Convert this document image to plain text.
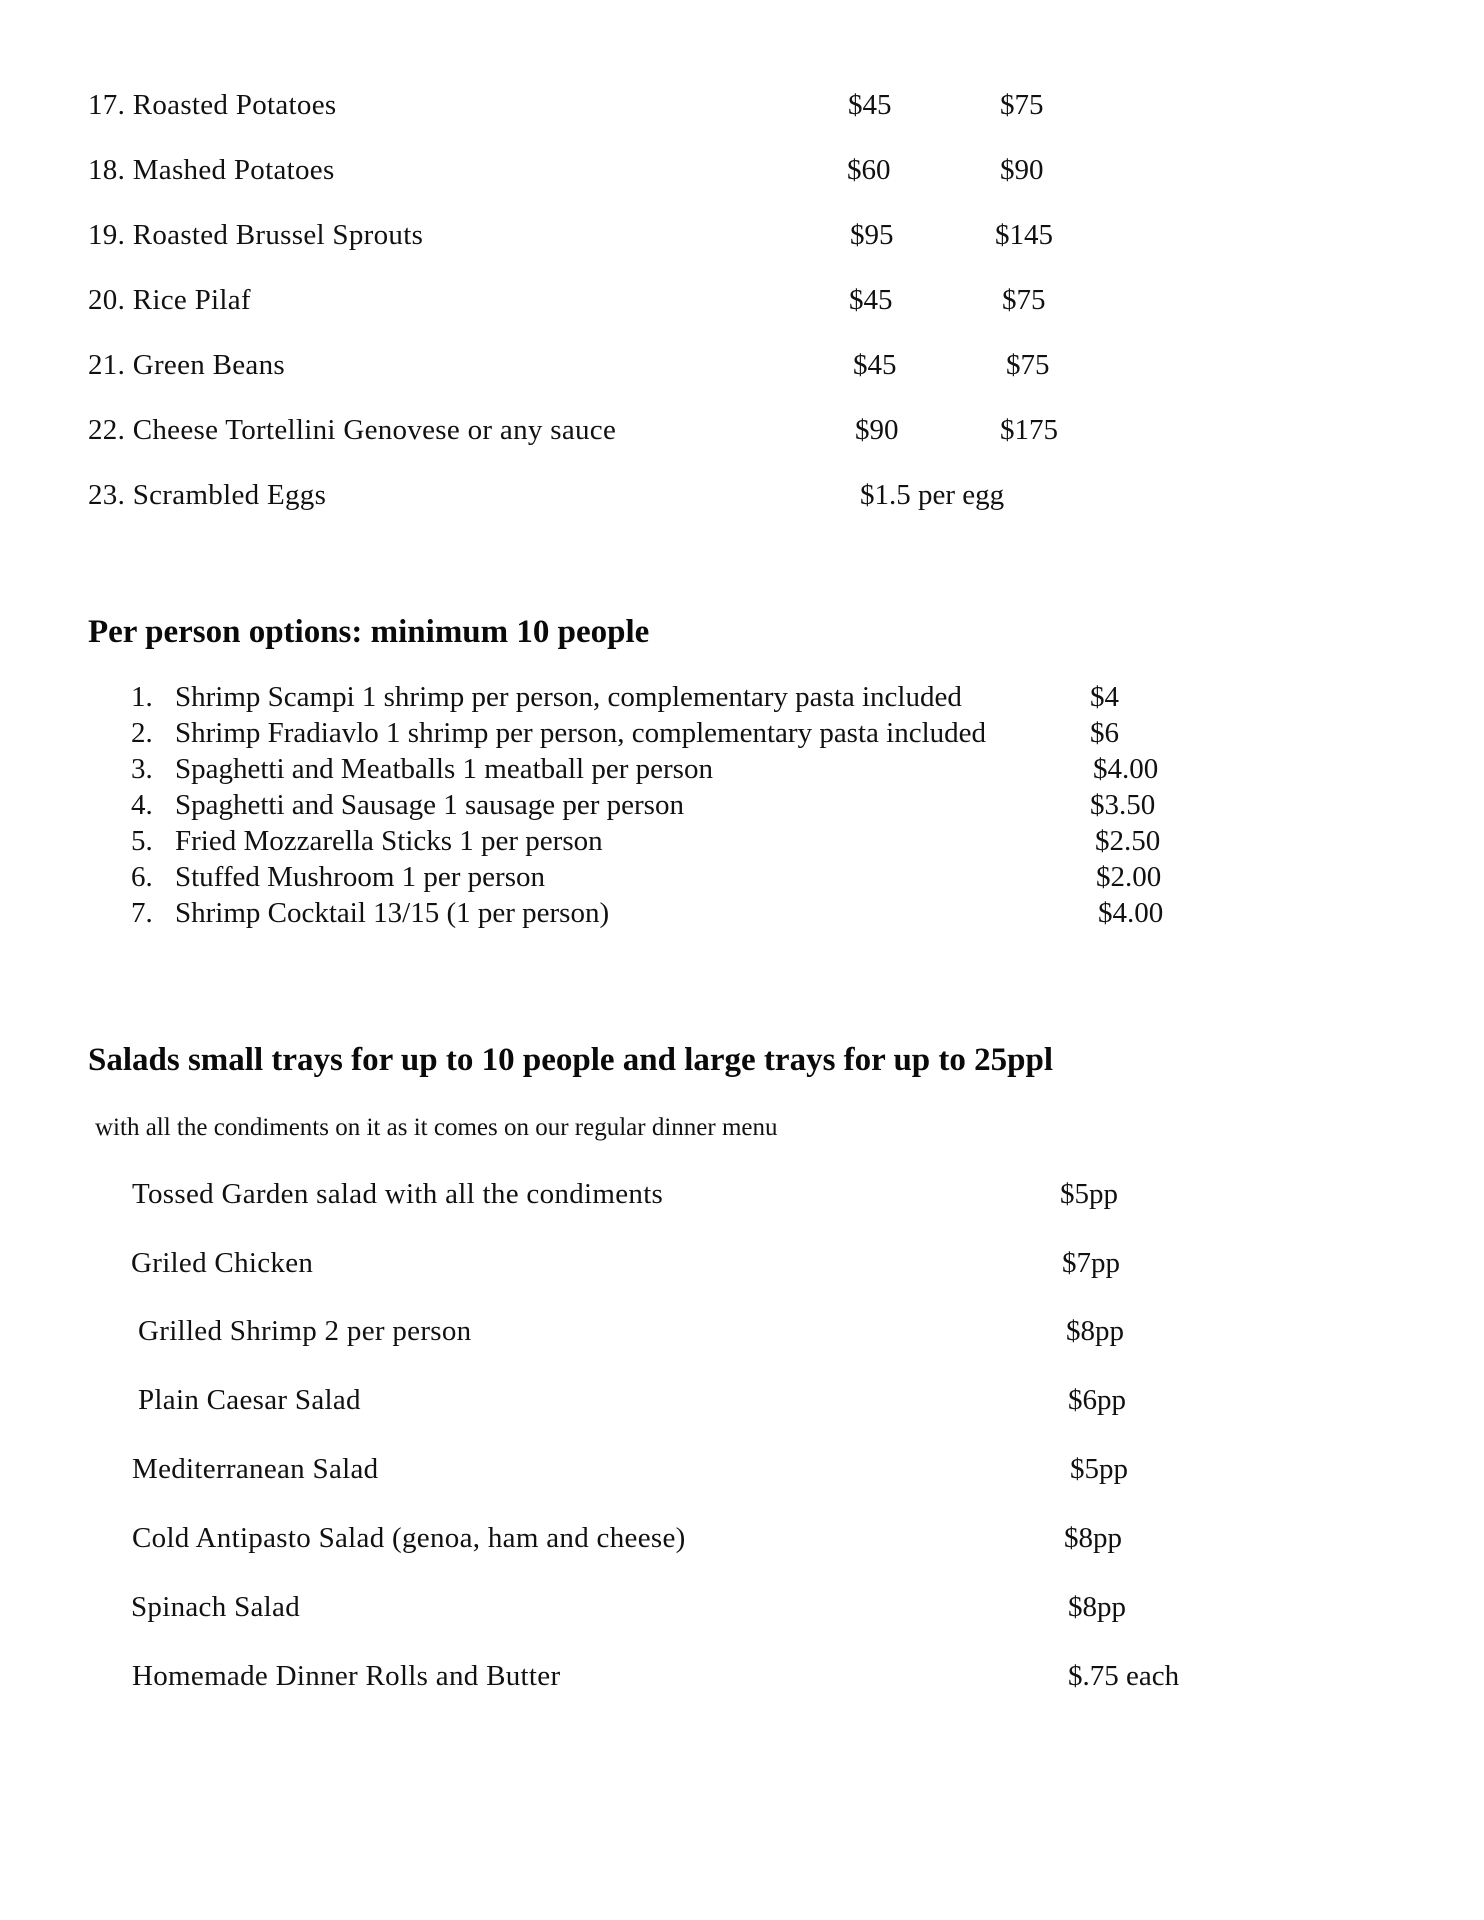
17. Roasted Potatoes	$45	$75
18. Mashed Potatoes	$60	$90
19. Roasted Brussel Sprouts	$95	$145
20. Rice Pilaf	$45	$75
21. Green Beans	$45	$75
22. Cheese Tortellini Genovese or any sauce	$90	$175
23. Scrambled Eggs	$1.5 per egg
Per person options: minimum 10 people
1. Shrimp Scampi 1 shrimp per person, complementary pasta included	$4
2. Shrimp Fradiavlo 1 shrimp per person, complementary pasta included	$6
3. Spaghetti and Meatballs 1 meatball per person	$4.00
4. Spaghetti and Sausage 1 sausage per person	$3.50
5. Fried Mozzarella Sticks 1 per person	$2.50
6. Stuffed Mushroom 1 per person	$2.00
7. Shrimp Cocktail 13/15 (1 per person)	$4.00
Salads small trays for up to 10 people and large trays for up to 25ppl
with all the condiments on it as it comes on our regular dinner menu
Tossed Garden salad with all the condiments	$5pp
Griled Chicken	$7pp
Grilled Shrimp 2 per person	$8pp
Plain Caesar Salad	$6pp
Mediterranean Salad	$5pp
Cold Antipasto Salad (genoa, ham and cheese)	$8pp
Spinach Salad	$8pp
Homemade Dinner Rolls and Butter	$.75 each
